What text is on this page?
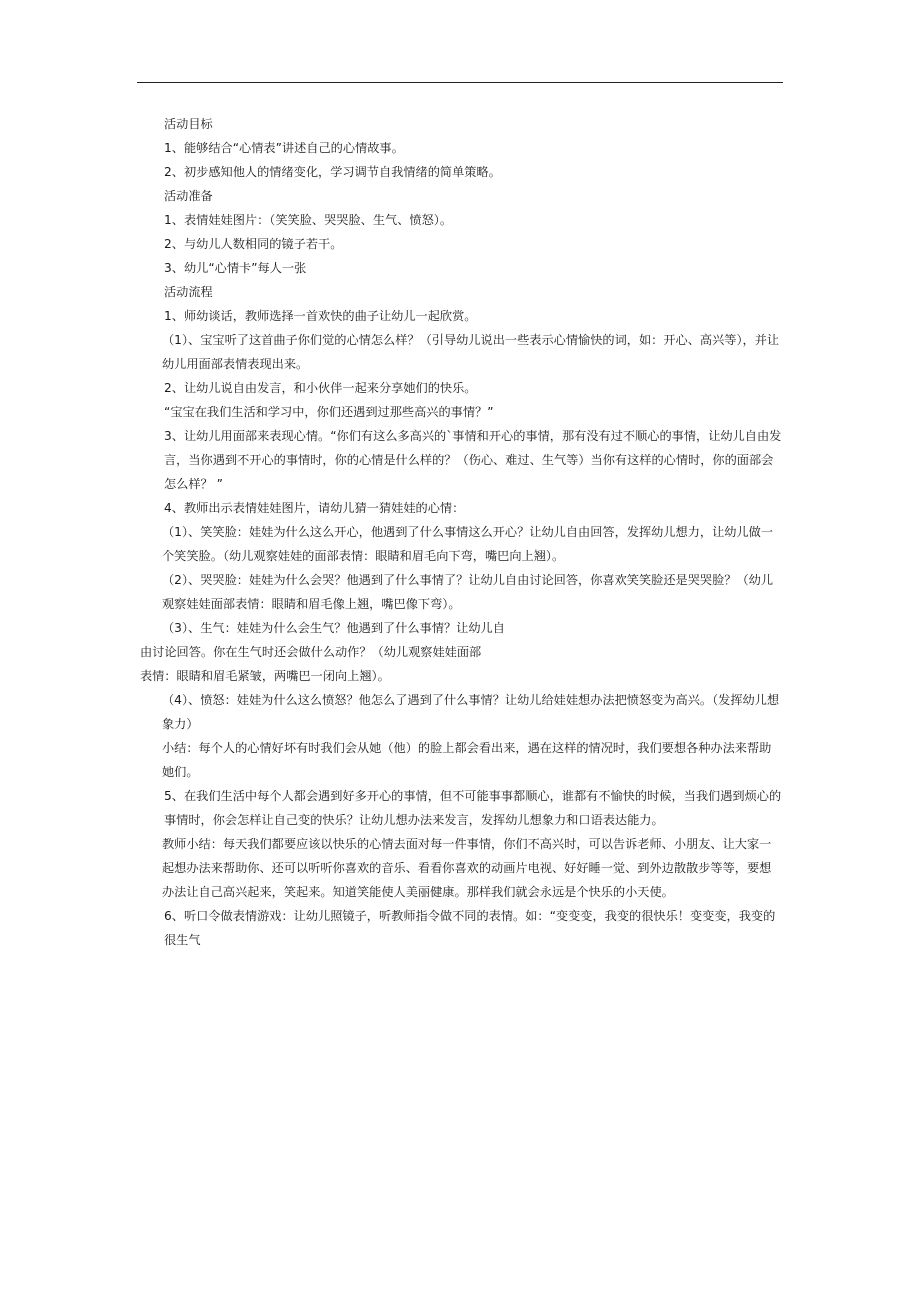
活动目标

1、能够结合“心情表”讲述自己的心情故事。

2、初步感知他人的情绪变化，学习调节自我情绪的简单策略。

活动准备

1、表情娃娃图片：（笑笑脸、哭哭脸、生气、愤怒）。

2、与幼儿人数相同的镜子若干。

3、幼儿“心情卡”每人一张

活动流程

1、师幼谈话，教师选择一首欢快的曲子让幼儿一起欣赏。

（1）、宝宝听了这首曲子你们觉的心情怎么样？（引导幼儿说出一些表示心情愉快的词，如：开心、高兴等），并让幼儿用面部表情表现出来。

2、让幼儿说自由发言，和小伙伴一起来分享她们的快乐。

“宝宝在我们生活和学习中，你们还遇到过那些高兴的事情？”

3、让幼儿用面部来表现心情。“你们有这么多高兴的`事情和开心的事情，那有没有过不顺心的事情，让幼儿自由发言，当你遇到不开心的事情时，你的心情是什么样的？（伤心、难过、生气等）当你有这样的心情时，你的面部会怎么样？ ”

4、教师出示表情娃娃图片，请幼儿猜一猜娃娃的心情：

（1）、笑笑脸：娃娃为什么这么开心，他遇到了什么事情这么开心？让幼儿自由回答，发挥幼儿想力，让幼儿做一个笑笑脸。（幼儿观察娃娃的面部表情：眼睛和眉毛向下弯，嘴巴向上翘）。

（2）、哭哭脸：娃娃为什么会哭？他遇到了什么事情了？让幼儿自由讨论回答，你喜欢笑笑脸还是哭哭脸？（幼儿观察娃娃面部表情：眼睛和眉毛像上翘，嘴巴像下弯）。

（3）、生气：娃娃为什么会生气？他遇到了什么事情？让幼儿自

由讨论回答。你在生气时还会做什么动作？（幼儿观察娃娃面部

表情：眼睛和眉毛紧皱，两嘴巴一闭向上翘）。

（4）、愤怒：娃娃为什么这么愤怒？他怎么了遇到了什么事情？让幼儿给娃娃想办法把愤怒变为高兴。（发挥幼儿想象力）

小结：每个人的心情好坏有时我们会从她（他）的脸上都会看出来，遇在这样的情况时，我们要想各种办法来帮助她们。

5、在我们生活中每个人都会遇到好多开心的事情，但不可能事事都顺心，谁都有不愉快的时候，当我们遇到烦心的事情时，你会怎样让自己变的快乐？让幼儿想办法来发言，发挥幼儿想象力和口语表达能力。

教师小结：每天我们都要应该以快乐的心情去面对每一件事情，你们不高兴时，可以告诉老师、小朋友、让大家一起想办法来帮助你、还可以听听你喜欢的音乐、看看你喜欢的动画片电视、好好睡一觉、到外边散散步等等，要想办法让自己高兴起来，笑起来。知道笑能使人美丽健康。那样我们就会永远是个快乐的小天使。

6、听口令做表情游戏：让幼儿照镜子，听教师指令做不同的表情。如：“变变变，我变的很快乐！变变变，我变的很生气
